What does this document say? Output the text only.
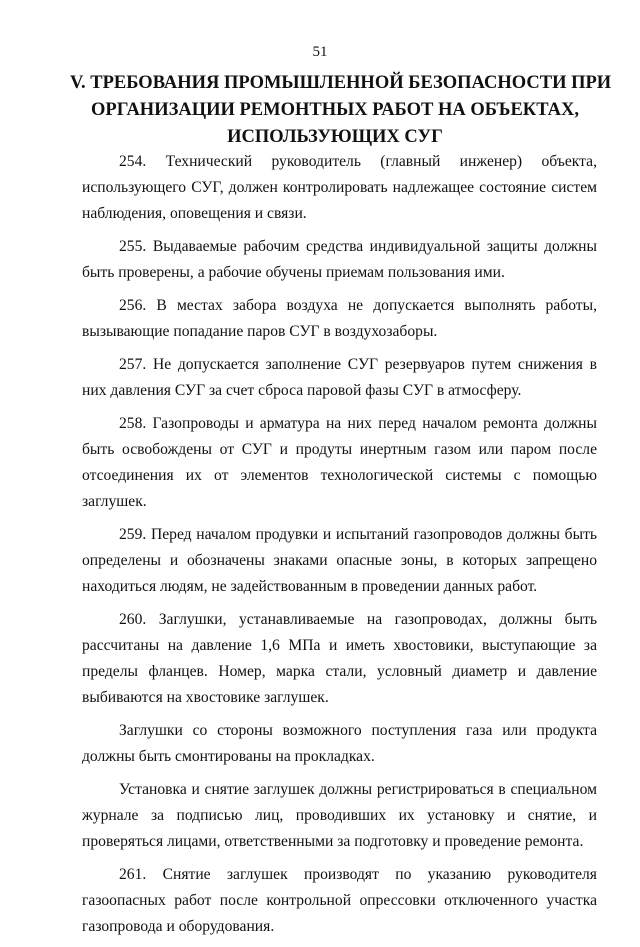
51
V. ТРЕБОВАНИЯ ПРОМЫШЛЕННОЙ БЕЗОПАСНОСТИ ПРИ
ОРГАНИЗАЦИИ РЕМОНТНЫХ РАБОТ НА ОБЪЕКТАХ,
ИСПОЛЬЗУЮЩИХ СУГ

254. Технический руководитель (главный инженер) объекта, использующего СУГ, должен контролировать надлежащее состояние систем наблюдения, оповещения и связи.

255. Выдаваемые рабочим средства индивидуальной защиты должны быть проверены, а рабочие обучены приемам пользования ими.

256. В местах забора воздуха не допускается выполнять работы, вызывающие попадание паров СУГ в воздухозаборы.

257. Не допускается заполнение СУГ резервуаров путем снижения в них давления СУГ за счет сброса паровой фазы СУГ в атмосферу.

258. Газопроводы и арматура на них перед началом ремонта должны быть освобождены от СУГ и продуты инертным газом или паром после отсоединения их от элементов технологической системы с помощью заглушек.

259. Перед началом продувки и испытаний газопроводов должны быть определены и обозначены знаками опасные зоны, в которых запрещено находиться людям, не задействованным в проведении данных работ.

260. Заглушки, устанавливаемые на газопроводах, должны быть рассчитаны на давление 1,6 МПа и иметь хвостовики, выступающие за пределы фланцев. Номер, марка стали, условный диаметр и давление выбиваются на хвостовике заглушек.

Заглушки со стороны возможного поступления газа или продукта должны быть смонтированы на прокладках.

Установка и снятие заглушек должны регистрироваться в специальном журнале за подписью лиц, проводивших их установку и снятие, и проверяться лицами, ответственными за подготовку и проведение ремонта.

261. Снятие заглушек производят по указанию руководителя газоопасных работ после контрольной опрессовки отключенного участка газопровода и оборудования.
